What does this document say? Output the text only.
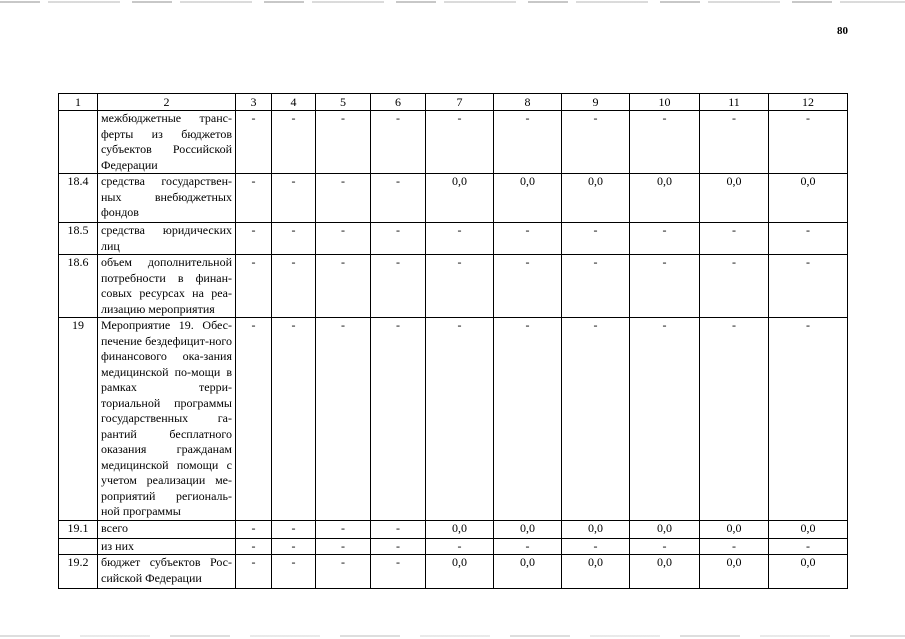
80
1	2	3	4	5	6	7	8	9	10	11	12
	межбюджетные транс-ферты из бюджетов субъектов Российской Федерации	-	-	-	-	-	-	-	-	-	-
18.4	средства государствен-ных внебюджетных фондов	-	-	-	-	0,0	0,0	0,0	0,0	0,0	0,0
18.5	средства юридических лиц	-	-	-	-	-	-	-	-	-	-
18.6	объем дополнительной потребности в финан-совых ресурсах на реа-лизацию мероприятия	-	-	-	-	-	-	-	-	-	-
19	Мероприятие 19. Обес-печение бездефицит-ного финансового ока-зания медицинской по-мощи в рамках терри-ториальной программы государственных га-рантий бесплатного оказания гражданам медицинской помощи с учетом реализации ме-роприятий региональ-ной программы	-	-	-	-	-	-	-	-	-	-
19.1	всего	-	-	-	-	0,0	0,0	0,0	0,0	0,0	0,0
	из них	-	-	-	-	-	-	-	-	-	-
19.2	бюджет субъектов Рос-сийской Федерации	-	-	-	-	0,0	0,0	0,0	0,0	0,0	0,0
